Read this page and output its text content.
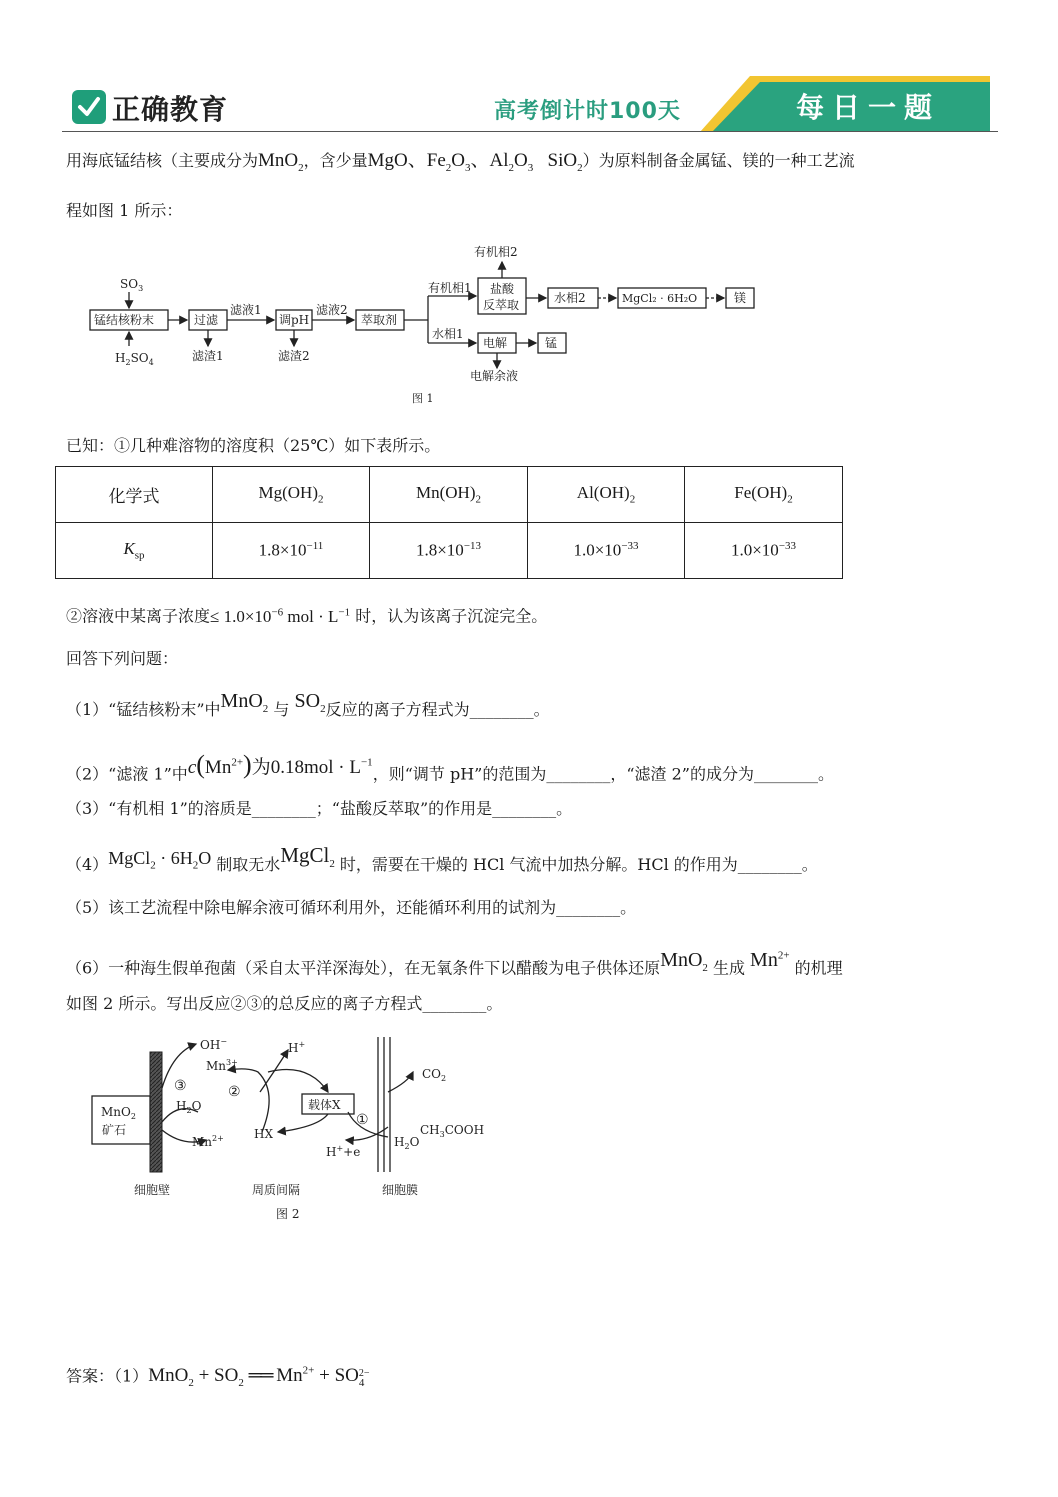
正确教育	高考倒计时100天	每日一题
用海底锰结核（主要成分为MnO$_2$，含少量MgO、$Fe_2O_3$、$Al_2O_3$   SiO$_2$）为原料制备金属锰、镁的一种工艺流
程如图 1 所示：
$SO_3$
锰结核粉末
$H_2SO_4$
过滤
滤液1
滤渣1
调pH
滤渣2
滤液2
萃取剂
有机相1
水相1
有机相2
盐酸
反萃取	水相2	MgCl₂ · 6H₂O	镁
电解	锰
电解余液
图 1
已知：①几种难溶物的溶度积（25℃）如下表所示。
化学式	$Mg(OH)_2$	$Mn(OH)_2$	$Al(OH)_2$	$Fe(OH)_2$
$K_{sp}$	$1.8\times 10^{-11}$	$1.8\times 10^{-13}$	$1.0\times 10^{-33}$	$1.0\times 10^{-33}$
②溶液中某离子浓度≤ $1.0\times 10^{-6}$ mol · $L^{-1}$ 时，认为该离子沉淀完全。
回答下列问题：
（1）“锰结核粉末”中MnO$_2$ 与 $SO_2$反应的离子方程式为________。
（2）“滤液 1”中$c(Mn^{2+})$为$0.18mol \cdot L^{-1}$，则“调节 pH”的范围为________，“滤渣 2”的成分为________。
（3）“有机相 1”的溶质是________；“盐酸反萃取”的作用是________。
（4）MgCl$_2$ · $6H_2O$ 制取无水MgCl$_2$ 时，需要在干燥的 HCl 气流中加热分解。HCl 的作用为________。
（5）该工艺流程中除电解余液可循环利用外，还能循环利用的试剂为________。
（6）一种海生假单孢菌（采自太平洋深海处），在无氧条件下以醋酸为电子供体还原MnO$_2$ 生成 $Mn^{2+}$ 的机理
如图 2 所示。写出反应②③的总反应的离子方程式________。
MnO$_2$
矿石
OH−
$Mn^{3+}$
③	②
$H_2O$
$Mn^{2+}$
H+
载体X
HX
①
H++e
$CO_2$
$CH_3COOH$
$H_2O$
细胞壁	周质间隔	细胞膜
图 2
答案：$(1)MnO_2 + SO_2$ ══ $Mn^{2+}$ + SO $_{2- 4}$
